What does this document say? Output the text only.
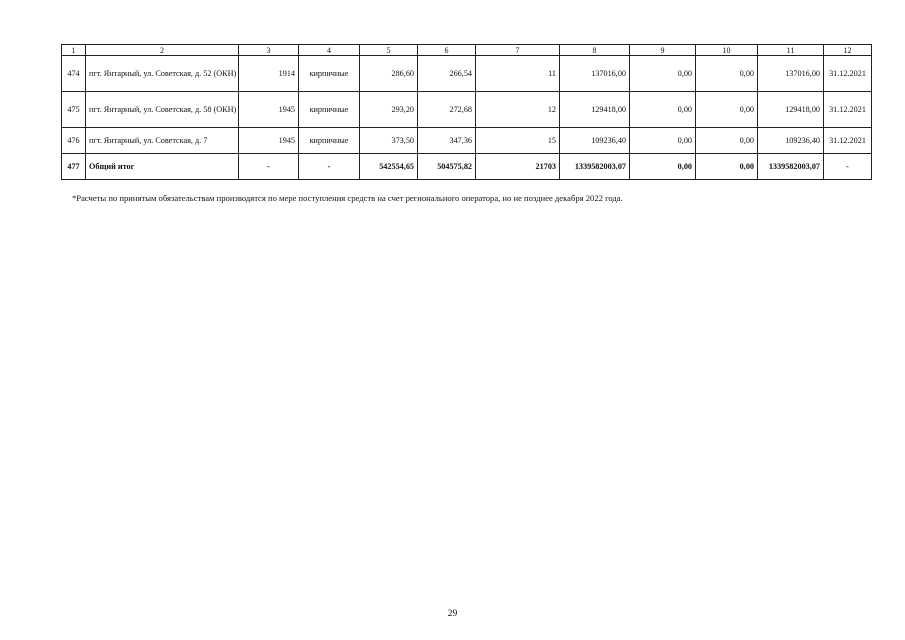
1	2	3	4	5	6	7	8	9	10	11	12
474	пгт. Янтарный, ул. Советская, д. 52 (ОКН)	1914	кирпичные	286,60	266,54	11	137016,00	0,00	0,00	137016,00	31.12.2021
475	пгт. Янтарный, ул. Советская, д. 58 (ОКН)	1945	кирпичные	293,20	272,68	12	129418,00	0,00	0,00	129418,00	31.12.2021
476	пгт. Янтарный, ул. Советская, д. 7	1945	кирпичные	373,50	347,36	15	109236,40	0,00	0,00	109236,40	31.12.2021
477	Общий итог	-	-	542554,65	504575,82	21703	1339582003,07	0,00	0,00	1339582003,07	-
*Расчеты по принятым обязательствам производятся по мере поступления средств на счет регионального оператора, но не позднее декабря 2022 года.
29
